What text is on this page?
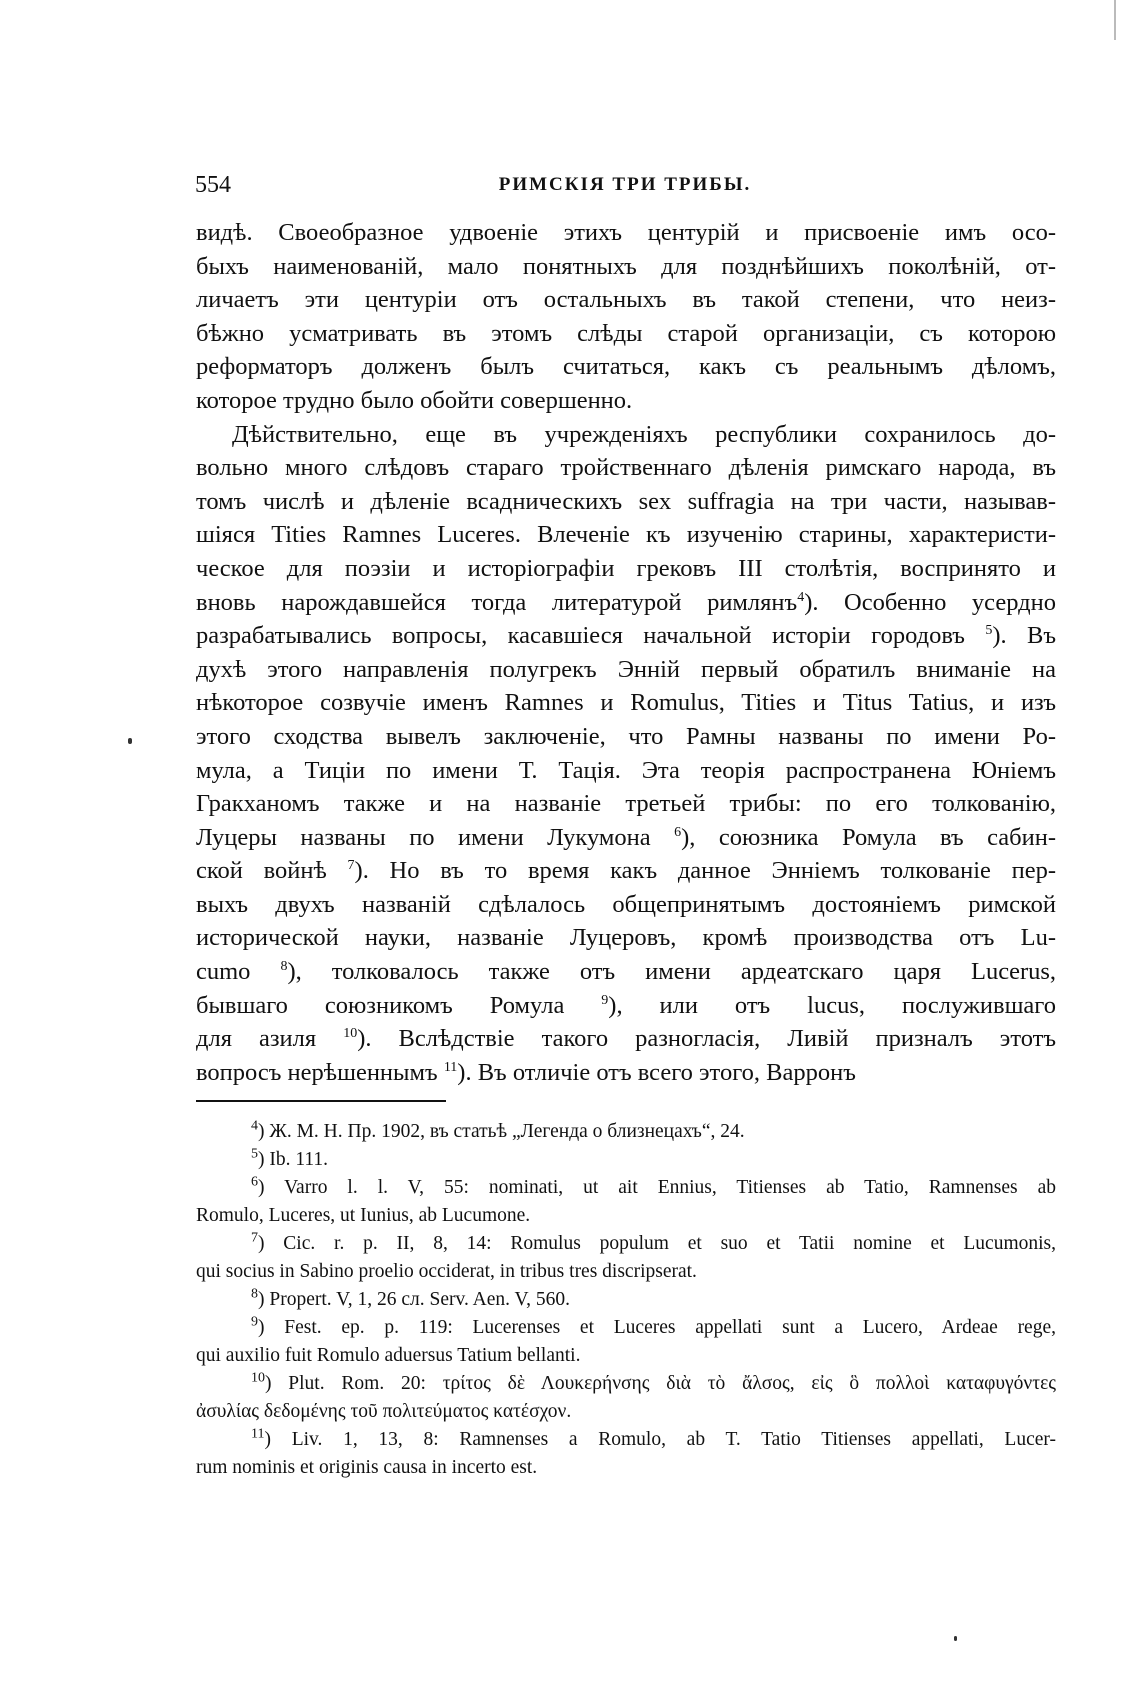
554	РИМСКІЯ ТРИ ТРИБЫ.

видѣ. Своеобразное удвоеніе этихъ центурій и присвоеніе имъ осо-
быхъ наименованій, мало понятныхъ для позднѣйшихъ поколѣній, от-
личаетъ эти центуріи отъ остальныхъ въ такой степени, что неиз-
бѣжно усматривать въ этомъ слѣды старой организаціи, съ которою
реформаторъ долженъ былъ считаться, какъ съ реальнымъ дѣломъ,
которое трудно было обойти совершенно.

Дѣйствительно, еще въ учрежденіяхъ республики сохранилось до-
вольно много слѣдовъ стараго тройственнаго дѣленія римскаго народа, въ
томъ числѣ и дѣленіе всадническихъ sex suffragia на три части, называв-
шіяся Tities Ramnes Luceres. Влеченіе къ изученію старины, характеристи-
ческое для поэзіи и исторіографіи грековъ III столѣтія, воспринято и
вновь нарождавшейся тогда литературой римлянъ$^4$). Особенно усердно
разрабатывались вопросы, касавшіеся начальной исторіи городовъ $^5$). Въ
духѣ этого направленія полугрекъ Энній первый обратилъ вниманіе на
нѣкоторое созвучіе именъ Ramnes и Romulus, Tities и Titus Tatius, и изъ
этого сходства вывелъ заключеніе, что Рамны названы по имени Ро-
мула, а Тиціи по имени Т. Тація. Эта теорія распространена Юніемъ
Гракханомъ также и на названіе третьей трибы: по его толкованію,
Луцеры названы по имени Лукумона $^6$), союзника Ромула въ сабин-
ской войнѣ $^7$). Но въ то время какъ данное Энніемъ толкованіе пер-
выхъ двухъ названій сдѣлалось общепринятымъ достояніемъ римской
исторической науки, названіе Луцеровъ, кромѣ производства отъ Lu-
cumo $^8$), толковалось также отъ имени ардеатскаго царя Lucerus,
бывшаго союзникомъ Ромула	$^9$), или отъ lucus, послужившаго
для азиля $^{10}$). Вслѣдствіе такого разногласія, Ливій призналъ этотъ
вопросъ нерѣшеннымъ $^{11}$). Въ отличіе отъ всего этого, Варронъ
$^4$) Ж. М. Н. Пр. 1902, въ статьѣ „Легенда о близнецахъ“, 24.
$^5$) Ib. 111.
$^6$) Varro l. l. V, 55: nominati, ut ait Ennius, Titienses ab Tatio, Ramnenses ab
Romulo, Luceres, ut Iunius, ab Lucumone.
$^7$) Cic. r. p. II, 8, 14: Romulus populum et suo et Tatii nomine et Lucumonis,
qui socius in Sabino proelio occiderat, in tribus tres discripserat.
$^8$) Propert. V, 1, 26 сл. Serv. Aen. V, 560.
$^9$) Fest. ep. p. 119: Lucerenses et Luceres appellati sunt a Lucero, Ardeae rege,
qui auxilio fuit Romulo aduersus Tatium bellanti.
$^{10}$) Plut. Rom. 20: τρίτος δὲ Λουκερήνσης διὰ τὸ ἄλσος, εἰς ὃ πολλοὶ καταφυγόντες
ἀσυλίας δεδομένης τοῦ πολιτεύματος κατέσχον.
$^{11}$) Liv. 1, 13, 8: Ramnenses a Romulo, ab T. Tatio Titienses appellati, Lucer-
rum nominis et originis causa in incerto est.
